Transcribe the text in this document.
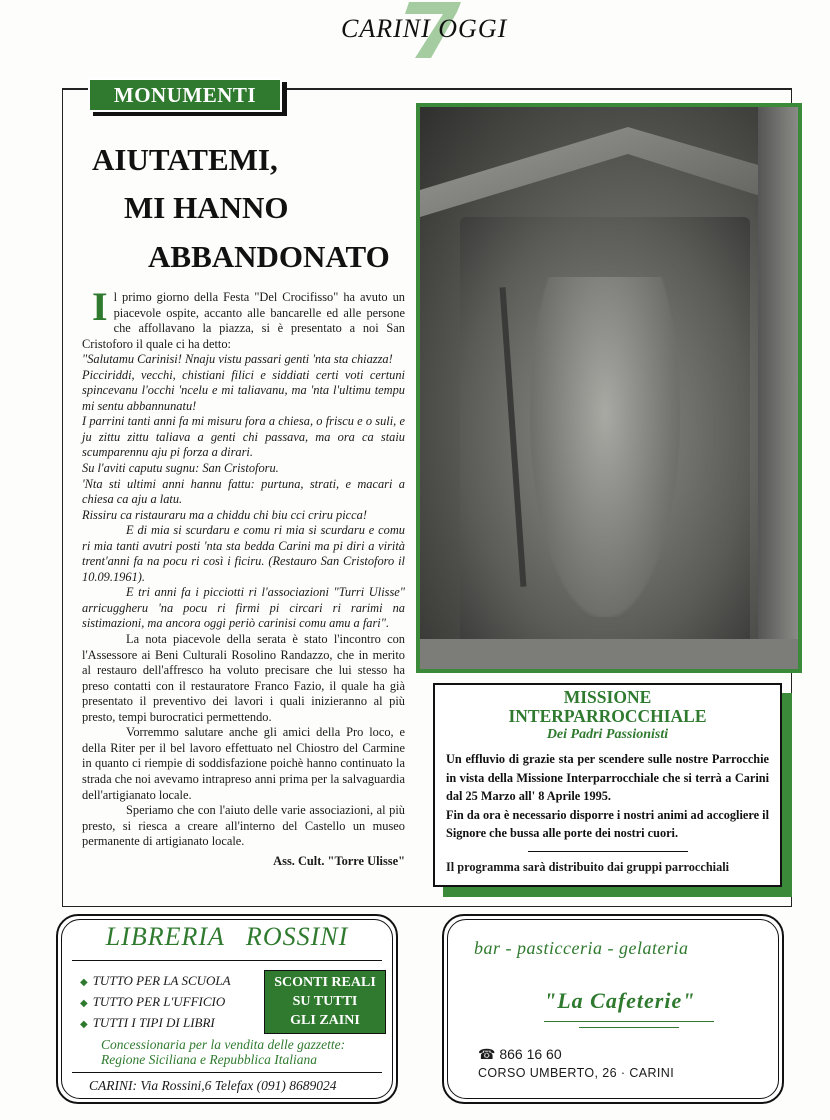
CARINI OGGI
MONUMENTI
AIUTATEMI,
MI HANNO
ABBANDONATO

Il primo giorno della Festa "Del Crocifisso" ha avuto un piacevole ospite, accanto alle bancarelle ed alle persone che affollavano la piazza, si è presentato a noi San Cristoforo il quale ci ha detto:

"Salutamu Carinisi! Nnaju vistu passari genti 'nta sta chiazza!

Picciriddi, vecchi, chistiani filici e siddiati certi voti certuni spincevanu l'occhi 'ncelu e mi taliavanu, ma 'nta l'ultimu tempu mi sentu abbannunatu!

I parrini tanti anni fa mi misuru fora a chiesa, o friscu e o suli, e ju zittu zittu taliava a genti chi passava, ma ora ca staiu scumparennu aju pi forza a dirari.

Su l'aviti caputu sugnu: San Cristoforu.

'Nta sti ultimi anni hannu fattu: purtuna, strati, e macari a chiesa ca aju a latu.

Rissiru ca ristauraru ma a chiddu chi biu cci criru picca!

E di mia si scurdaru e comu ri mia si scurdaru e comu ri mia tanti avutri posti 'nta sta bedda Carini ma pi diri a virità trent'anni fa na pocu ri così i ficiru. (Restauro San Cristoforo il 10.09.1961).

E tri anni fa i picciotti ri l'associazioni "Turri Ulisse" arricuggheru 'na pocu ri firmi pi circari ri rarimi na sistimazioni, ma ancora oggi periò carinisi comu amu a fari".

La nota piacevole della serata è stato l'incontro con l'Assessore ai Beni Culturali Rosolino Randazzo, che in merito al restauro dell'affresco ha voluto precisare che lui stesso ha preso contatti con il restauratore Franco Fazio, il quale ha già presentato il preventivo dei lavori i quali inizieranno al più presto, tempi burocratici permettendo.

Vorremmo salutare anche gli amici della Pro loco, e della Riter per il bel lavoro effettuato nel Chiostro del Carmine in quanto ci riempie di soddisfazione poichè hanno continuato la strada che noi avevamo intrapreso anni prima per la salvaguardia dell'artigianato locale.

Speriamo che con l'aiuto delle varie associazioni, al più presto, si riesca a creare all'interno del Castello un museo permanente di artigianato locale.

Ass. Cult. "Torre Ulisse"

MISSIONE
INTERPARROCCHIALE
Dei Padri Passionisti
Un effluvio di grazie sta per scendere sulle nostre Parrocchie in vista della Missione Interparrocchiale che si terrà a Carini dal 25 Marzo all' 8 Aprile 1995.
Fin da ora è necessario disporre i nostri animi ad accogliere il Signore che bussa alle porte dei nostri cuori.
Il programma sarà distribuito dai gruppi parrocchiali
LIBRERIA ROSSINI
◆ TUTTO PER LA SCUOLA
◆ TUTTO PER L'UFFICIO
◆ TUTTI I TIPI DI LIBRI
SCONTI REALI
SU TUTTI
GLI ZAINI
Concessionaria per la vendita delle gazzette:
Regione Siciliana e Repubblica Italiana
CARINI: Via Rossini,6 Telefax (091) 8689024
bar - pasticceria - gelateria
"La Cafeterie"
☎ 866 16 60
CORSO UMBERTO, 26 · CARINI
